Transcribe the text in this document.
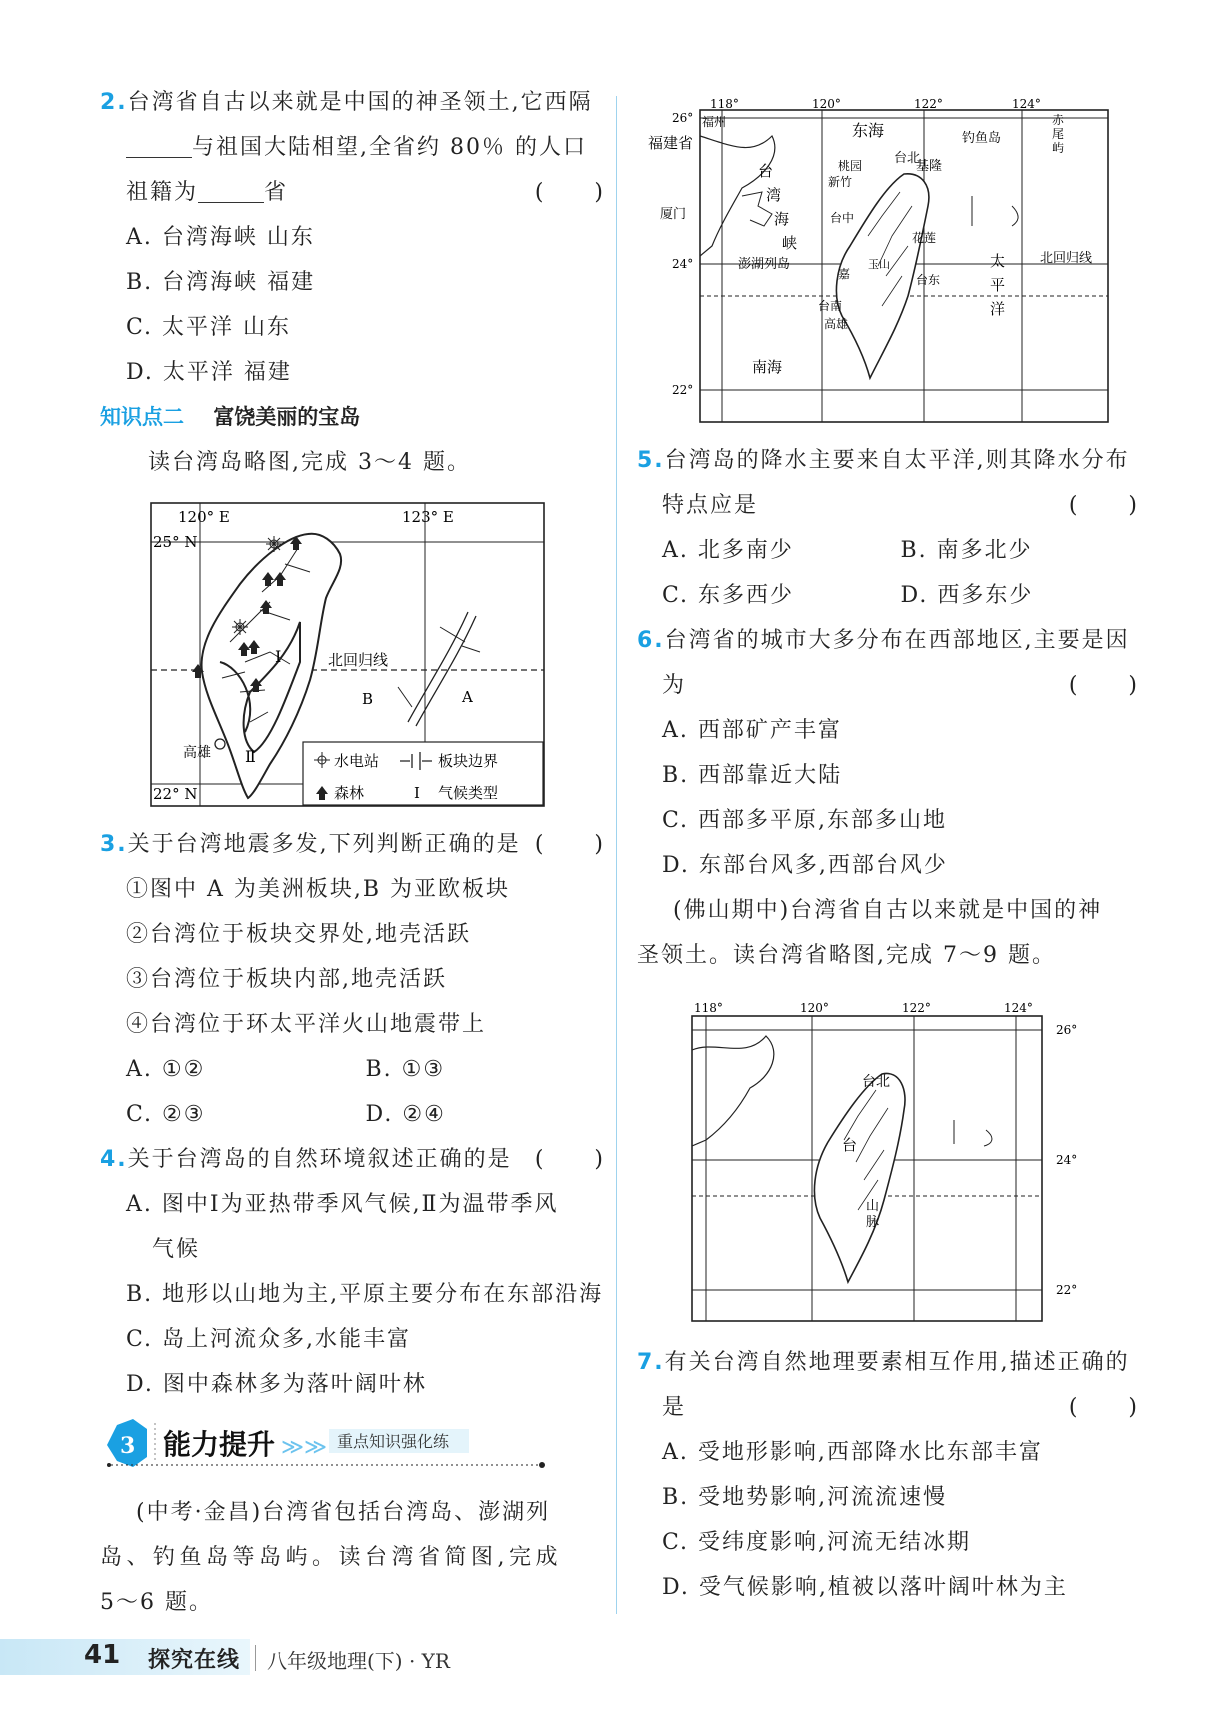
2.台湾省自古以来就是中国的神圣领土,它西隔
与祖国大陆相望,全省约 80％ 的人口
祖籍为	省	( )
A. 台湾海峡 山东
B. 台湾海峡 福建
C. 太平洋 山东
D. 太平洋 福建
知识点二 富饶美丽的宝岛
读台湾岛略图,完成 3～4 题。
120° E	123° E
25° N
22° N
Ⅰ
Ⅱ
北回归线
B	A
高雄	水电站	板块边界
森林	Ⅰ 气候类型
3.关于台湾地震多发,下列判断正确的是 ( )
①图中 A 为美洲板块,B 为亚欧板块
②台湾位于板块交界处,地壳活跃
③台湾位于板块内部,地壳活跃
④台湾位于环太平洋火山地震带上
A. ①②	B. ①③
C. ②③	D. ②④
4.关于台湾岛的自然环境叙述正确的是 ( )
A. 图中Ⅰ为亚热带季风气候,Ⅱ为温带季风
气候
B. 地形以山地为主,平原主要分布在东部沿海
C. 岛上河流众多,水能丰富
D. 图中森林多为落叶阔叶林
3 能力提升 ≫≫ 重点知识强化练
(中考·金昌)台湾省包括台湾岛、澎湖列
岛、钓鱼岛等岛屿。读台湾省简图,完成
5～6 题。
118°	120°	122°	124°
26°
24°
22°
东海
福州
福建省
厦门
台
湾
海
峡
台北
基隆
桃园
新竹
台中
花莲
玉山
嘉
澎湖列岛
钓鱼岛
赤
尾
屿
北回归线
太
平
洋
台东
台南
高雄
南海
5.台湾岛的降水主要来自太平洋,则其降水分布
特点应是	( )
A. 北多南少	B. 南多北少
C. 东多西少	D. 西多东少
6.台湾省的城市大多分布在西部地区,主要是因
为	( )
A. 西部矿产丰富
B. 西部靠近大陆
C. 西部多平原,东部多山地
D. 东部台风多,西部台风少
(佛山期中)台湾省自古以来就是中国的神
圣领土。读台湾省略图,完成 7～9 题。
118°	120°	122°	124°
26°
24°
22°
台北
台
山
脉
7.有关台湾自然地理要素相互作用,描述正确的
是	( )
A. 受地形影响,西部降水比东部丰富
B. 受地势影响,河流流速慢
C. 受纬度影响,河流无结冰期
D. 受气候影响,植被以落叶阔叶林为主
41 探究在线 八年级地理(下) · YR
